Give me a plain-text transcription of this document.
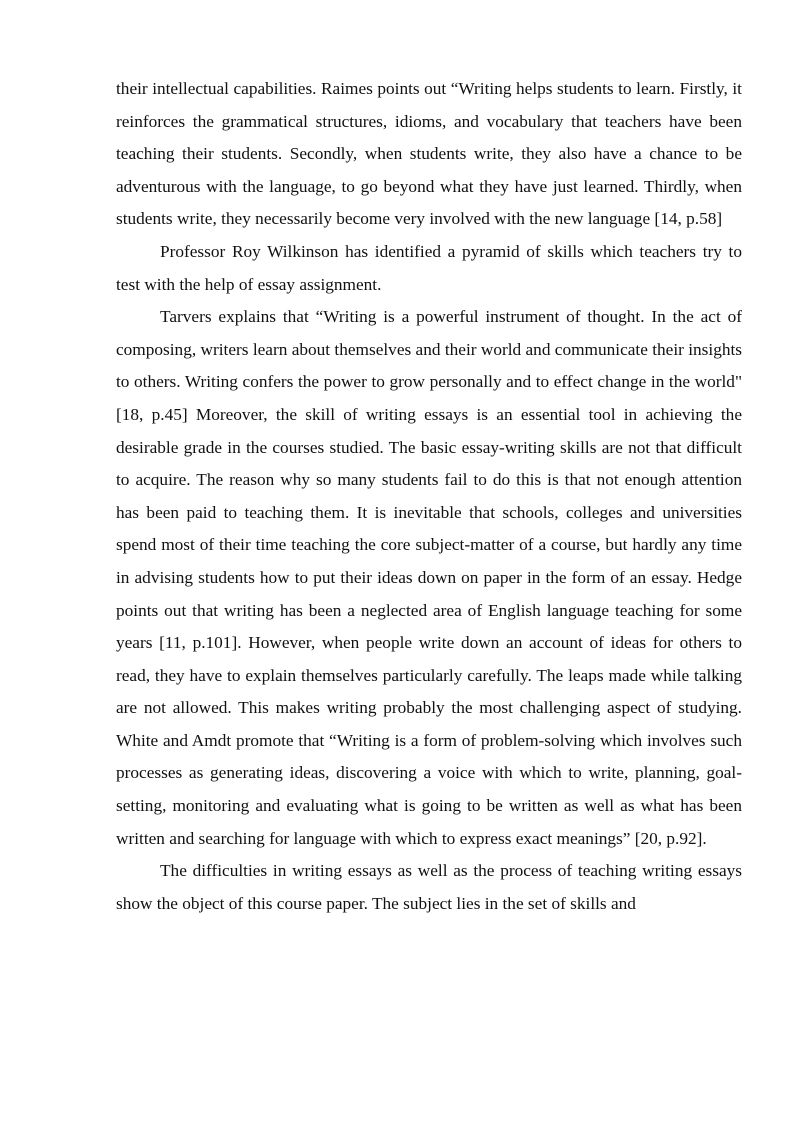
their intellectual capabilities. Raimes points out “Writing helps students to learn. Firstly, it reinforces the grammatical structures, idioms, and vocabulary that teachers have been teaching their students. Secondly, when students write, they also have a chance to be adventurous with the language, to go beyond what they have just learned. Thirdly, when students write, they necessarily become very involved with the new language [14, p.58]

Professor Roy Wilkinson has identified a pyramid of skills which teachers try to test with the help of essay assignment.

Tarvers explains that “Writing is a powerful instrument of thought. In the act of composing, writers learn about themselves and their world and communicate their insights to others. Writing confers the power to grow personally and to effect change in the world" [18, p.45] Moreover, the skill of writing essays is an essential tool in achieving the desirable grade in the courses studied. The basic essay-writing skills are not that difficult to acquire. The reason why so many students fail to do this is that not enough attention has been paid to teaching them. It is inevitable that schools, colleges and universities spend most of their time teaching the core subject-matter of a course, but hardly any time in advising students how to put their ideas down on paper in the form of an essay. Hedge points out that writing has been a neglected area of English language teaching for some years [11, p.101]. However, when people write down an account of ideas for others to read, they have to explain themselves particularly carefully. The leaps made while talking are not allowed. This makes writing probably the most challenging aspect of studying. White and Amdt promote that “Writing is a form of problem-solving which involves such processes as generating ideas, discovering a voice with which to write, planning, goal-setting, monitoring and evaluating what is going to be written as well as what has been written and searching for language with which to express exact meanings” [20, p.92].

The difficulties in writing essays as well as the process of teaching writing essays show the object of this course paper. The subject lies in the set of skills and
